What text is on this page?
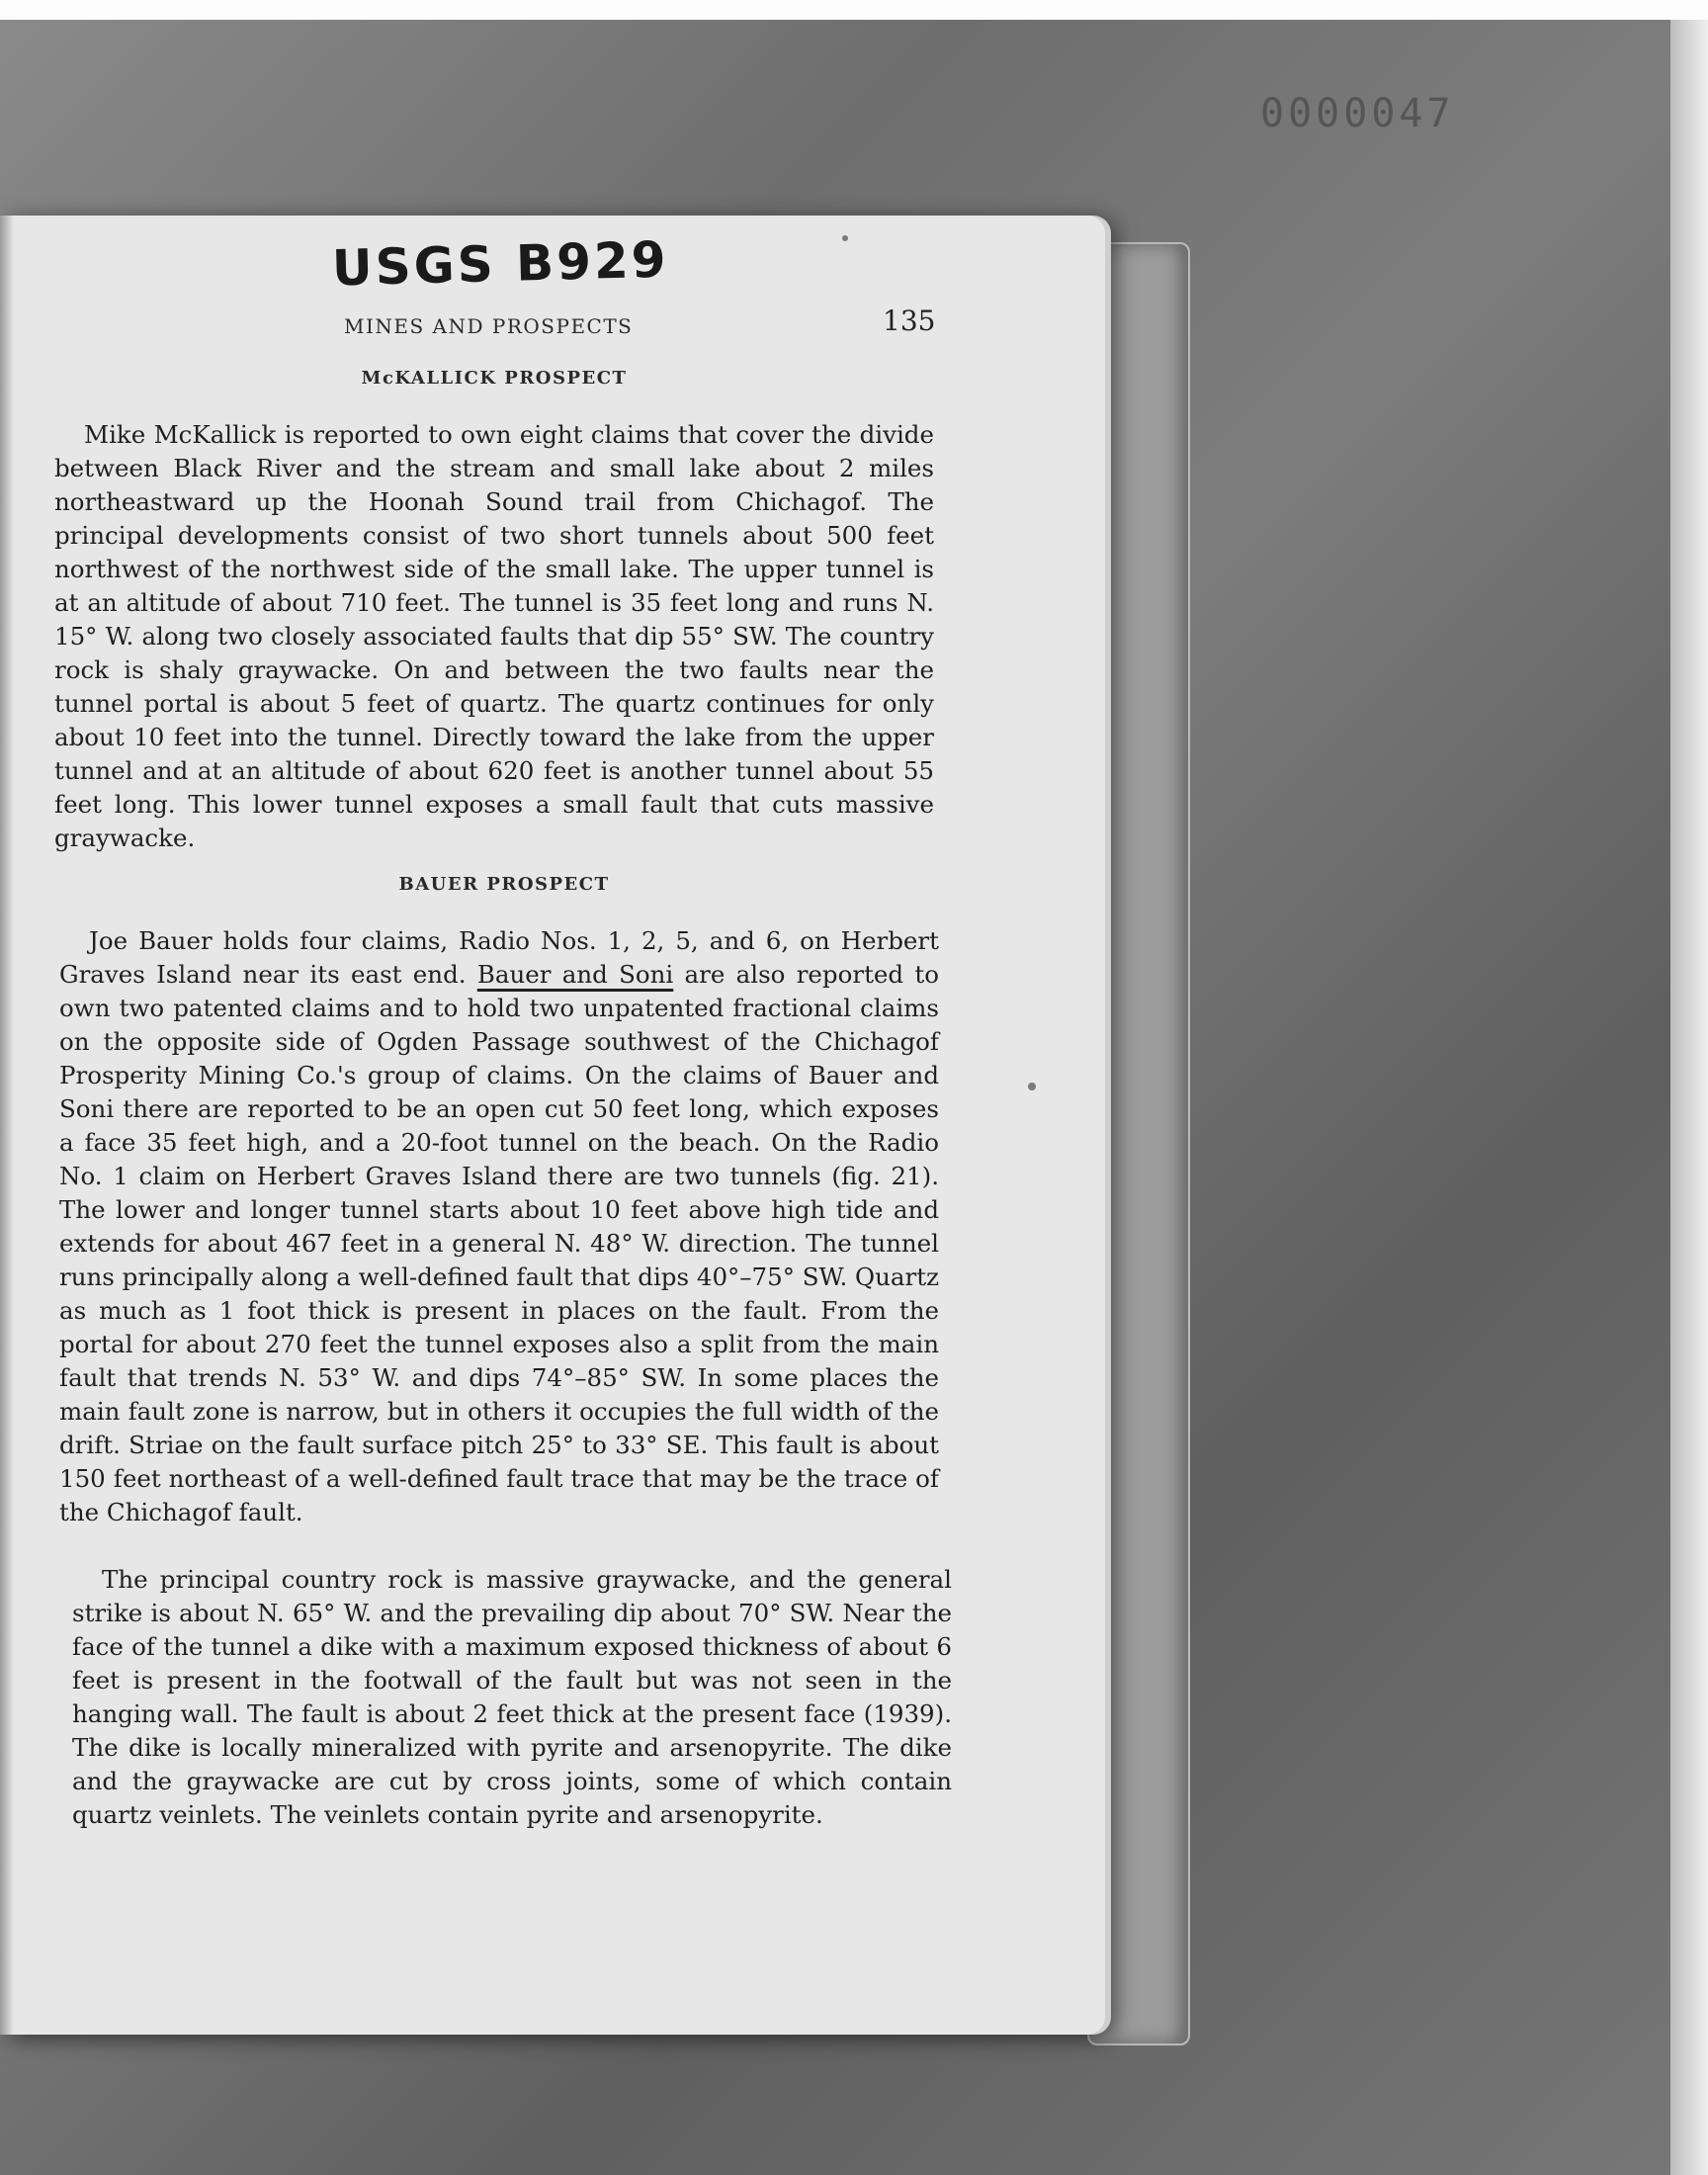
0000047
USGS B929
MINES AND PROSPECTS	135
McKALLICK PROSPECT

Mike McKallick is reported to own eight claims that cover the divide between Black River and the stream and small lake about 2 miles northeastward up the Hoonah Sound trail from Chichagof. The principal developments consist of two short tunnels about 500 feet northwest of the northwest side of the small lake. The upper tunnel is at an altitude of about 710 feet. The tunnel is 35 feet long and runs N. 15° W. along two closely associated faults that dip 55° SW. The country rock is shaly graywacke. On and between the two faults near the tunnel portal is about 5 feet of quartz. The quartz continues for only about 10 feet into the tunnel. Directly toward the lake from the upper tunnel and at an altitude of about 620 feet is another tunnel about 55 feet long. This lower tunnel exposes a small fault that cuts massive graywacke.

BAUER PROSPECT

Joe Bauer holds four claims, Radio Nos. 1, 2, 5, and 6, on Herbert Graves Island near its east end. Bauer and Soni are also reported to own two patented claims and to hold two unpatented fractional claims on the opposite side of Ogden Passage southwest of the Chichagof Prosperity Mining Co.'s group of claims. On the claims of Bauer and Soni there are reported to be an open cut 50 feet long, which exposes a face 35 feet high, and a 20-foot tunnel on the beach. On the Radio No. 1 claim on Herbert Graves Island there are two tunnels (fig. 21). The lower and longer tunnel starts about 10 feet above high tide and extends for about 467 feet in a general N. 48° W. direction. The tunnel runs principally along a well-defined fault that dips 40°–75° SW. Quartz as much as 1 foot thick is present in places on the fault. From the portal for about 270 feet the tunnel exposes also a split from the main fault that trends N. 53° W. and dips 74°–85° SW. In some places the main fault zone is narrow, but in others it occupies the full width of the drift. Striae on the fault surface pitch 25° to 33° SE. This fault is about 150 feet northeast of a well-defined fault trace that may be the trace of the Chichagof fault.

The principal country rock is massive graywacke, and the general strike is about N. 65° W. and the prevailing dip about 70° SW. Near the face of the tunnel a dike with a maximum exposed thickness of about 6 feet is present in the footwall of the fault but was not seen in the hanging wall. The fault is about 2 feet thick at the present face (1939). The dike is locally mineralized with pyrite and arsenopyrite. The dike and the graywacke are cut by cross joints, some of which contain quartz veinlets. The veinlets contain pyrite and arsenopyrite.
